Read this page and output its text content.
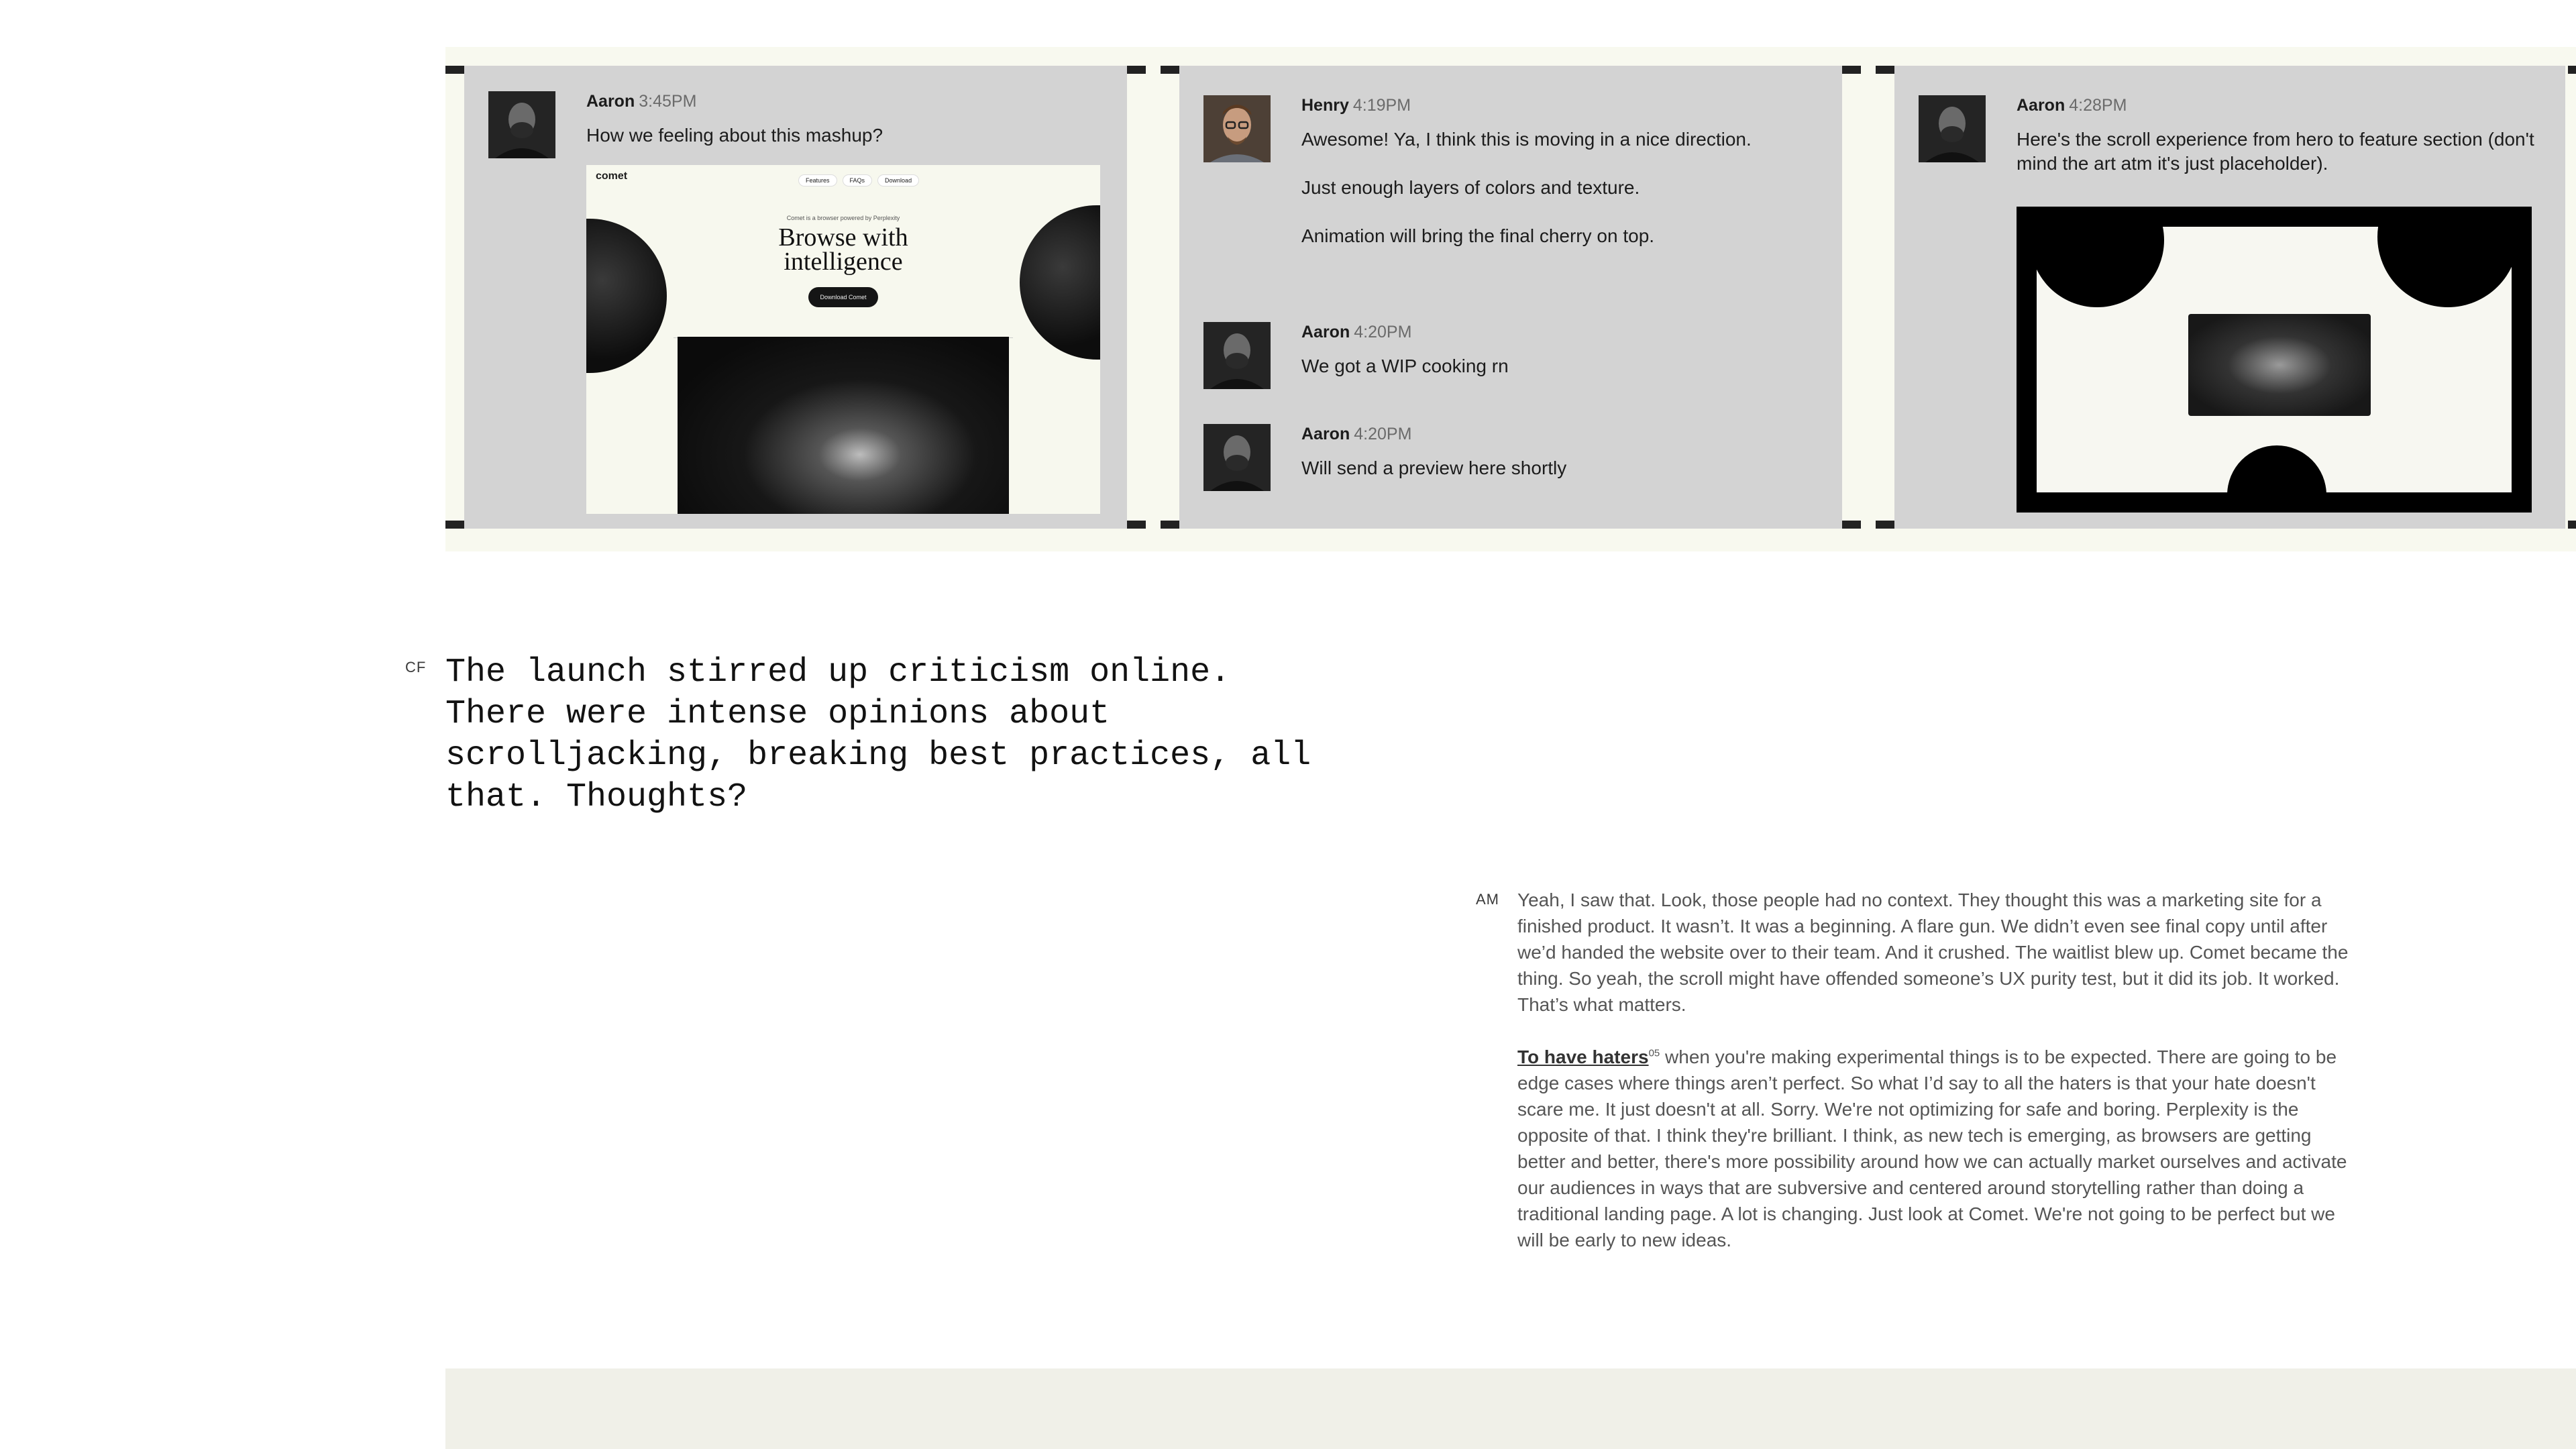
Aaron 3:45PM
How we feeling about this mashup?
comet	Features	FAQs	Download
Comet is a browser powered by Perplexity
Browse with
intelligence
Download Comet
Henry 4:19PM
Awesome! Ya, I think this is moving in a nice direction.
Just enough layers of colors and texture.
Animation will bring the final cherry on top.
Aaron 4:20PM
We got a WIP cooking rn
Aaron 4:20PM
Will send a preview here shortly
Aaron 4:28PM
Here's the scroll experience from hero to feature section (don't mind the art atm it's just placeholder).
CF The launch stirred up criticism online. There were intense opinions about scrolljacking, breaking best practices, all that. Thoughts?
AM Yeah, I saw that. Look, those people had no context. They thought this was a marketing site for a finished product. It wasn’t. It was a beginning. A flare gun. We didn’t even see final copy until after we’d handed the website over to their team. And it crushed. The waitlist blew up. Comet became the thing. So yeah, the scroll might have offended someone’s UX purity test, but it did its job. It worked. That’s what matters.

To have haters$^{05}$ when you're making experimental things is to be expected. There are going to be edge cases where things aren’t perfect. So what I’d say to all the haters is that your hate doesn't scare me. It just doesn't at all. Sorry. We're not optimizing for safe and boring. Perplexity is the opposite of that. I think they're brilliant. I think, as new tech is emerging, as browsers are getting better and better, there's more possibility around how we can actually market ourselves and activate our audiences in ways that are subversive and centered around storytelling rather than doing a traditional landing page. A lot is changing. Just look at Comet. We're not going to be perfect but we will be early to new ideas.
